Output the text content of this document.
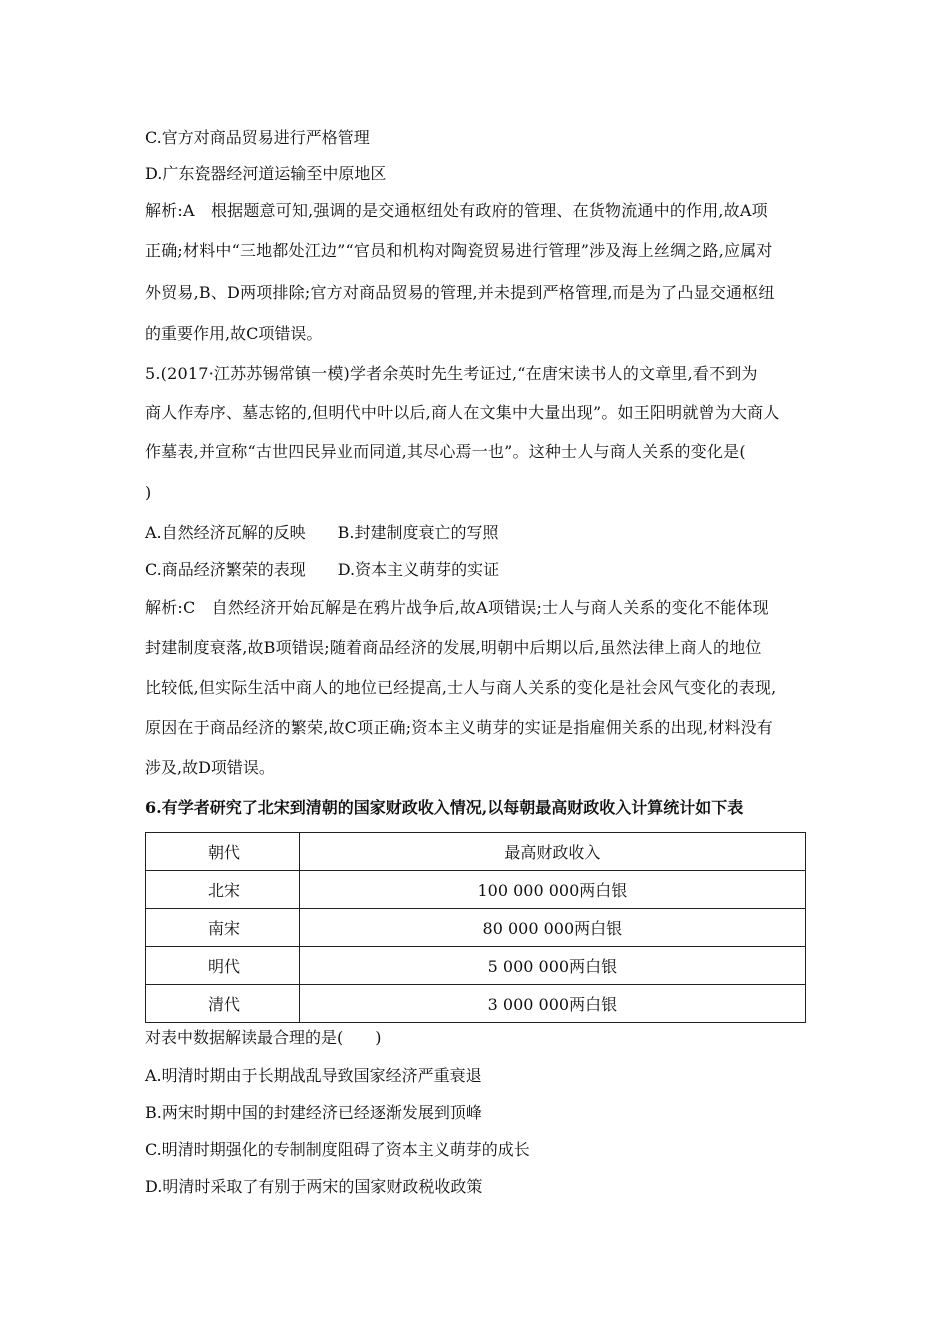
C.官方对商品贸易进行严格管理
D.广东瓷器经河道运输至中原地区
解析:A　根据题意可知,强调的是交通枢纽处有政府的管理、在货物流通中的作用,故A项
正确;材料中“三地都处江边”“官员和机构对陶瓷贸易进行管理”涉及海上丝绸之路,应属对
外贸易,B、D两项排除;官方对商品贸易的管理,并未提到严格管理,而是为了凸显交通枢纽
的重要作用,故C项错误。
5.(2017·江苏苏锡常镇一模)学者余英时先生考证过,“在唐宋读书人的文章里,看不到为
商人作寿序、墓志铭的,但明代中叶以后,商人在文集中大量出现”。如王阳明就曾为大商人
作墓表,并宣称“古世四民异业而同道,其尽心焉一也”。这种士人与商人关系的变化是(
)
A.自然经济瓦解的反映　　B.封建制度衰亡的写照
C.商品经济繁荣的表现　　D.资本主义萌芽的实证
解析:C　自然经济开始瓦解是在鸦片战争后,故A项错误;士人与商人关系的变化不能体现
封建制度衰落,故B项错误;随着商品经济的发展,明朝中后期以后,虽然法律上商人的地位
比较低,但实际生活中商人的地位已经提高,士人与商人关系的变化是社会风气变化的表现,
原因在于商品经济的繁荣,故C项正确;资本主义萌芽的实证是指雇佣关系的出现,材料没有
涉及,故D项错误。
6.有学者研究了北宋到清朝的国家财政收入情况,以每朝最高财政收入计算统计如下表
朝代	最高财政收入
北宋	100 000 000两白银
南宋	80 000 000两白银
明代	5 000 000两白银
清代	3 000 000两白银
对表中数据解读最合理的是(　　)
A.明清时期由于长期战乱导致国家经济严重衰退
B.两宋时期中国的封建经济已经逐渐发展到顶峰
C.明清时期强化的专制制度阻碍了资本主义萌芽的成长
D.明清时采取了有别于两宋的国家财政税收政策
